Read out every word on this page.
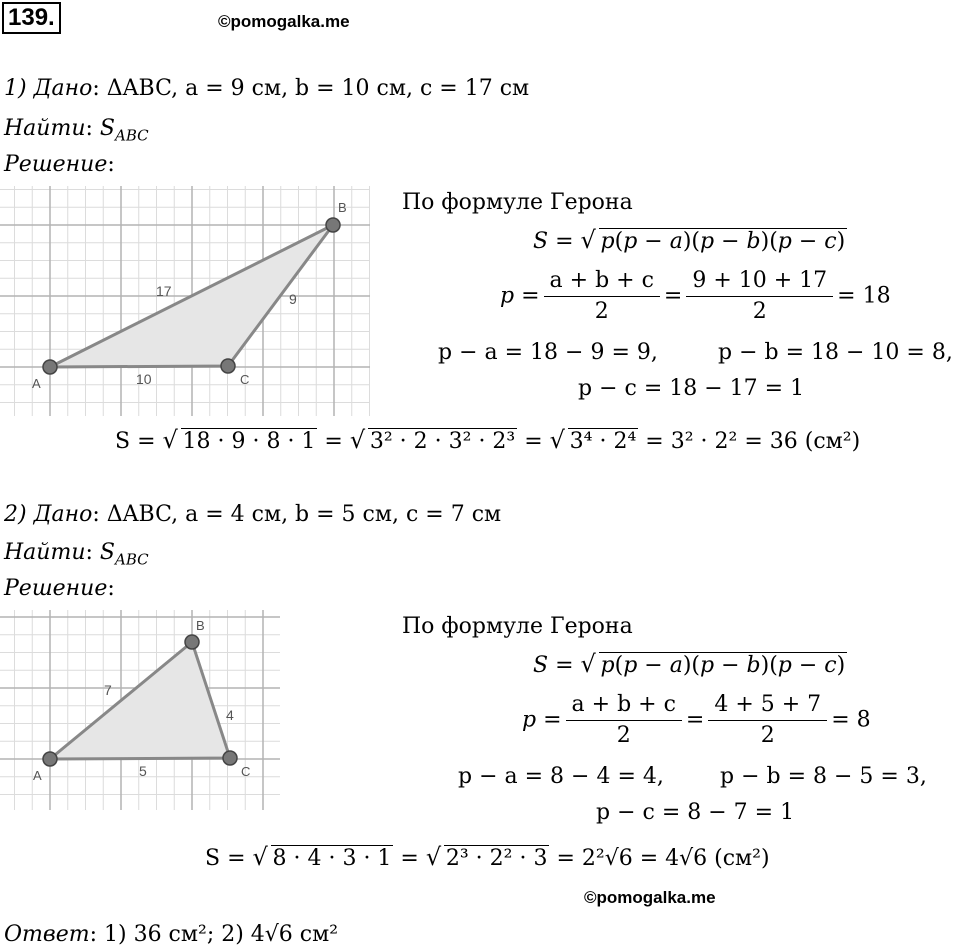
139.	©pomogalka.me
1) Дано: ΔABC, a = 9 см, b = 10 см, c = 17 см
Найти: $S_{ABC}$
Решение:
A
B
C
17	9
10
По формуле Герона
S = √ p(p − a)(p − b)(p − c)
$p = \frac{a + b + c}{2} = \frac{9 + 10 + 17}{2} = 18$
p − a = 18 − 9 = 9,	p − b = 18 − 10 = 8,
p − c = 18 − 17 = 1
S = √ 18 · 9 · 8 · 1 = √ 3² · 2 · 3² · 2³ = √ 3⁴ · 2⁴ = 3² · 2² = 36 (см²)
2) Дано: ΔABC, a = 4 см, b = 5 см, c = 7 см
Найти: $S_{ABC}$
Решение:
A
B
C
7
4
5
По формуле Герона
S = √ p(p − a)(p − b)(p − c)
$p = \frac{a + b + c}{2} = \frac{4 + 5 + 7}{2} = 8$
p − a = 8 − 4 = 4,	p − b = 8 − 5 = 3,
p − c = 8 − 7 = 1
S = √ 8 · 4 · 3 · 1 = √ 2³ · 2² · 3 = 2²√6 = 4√6 (см²)
©pomogalka.me
Ответ: 1) 36 см²; 2) 4√6 см²
